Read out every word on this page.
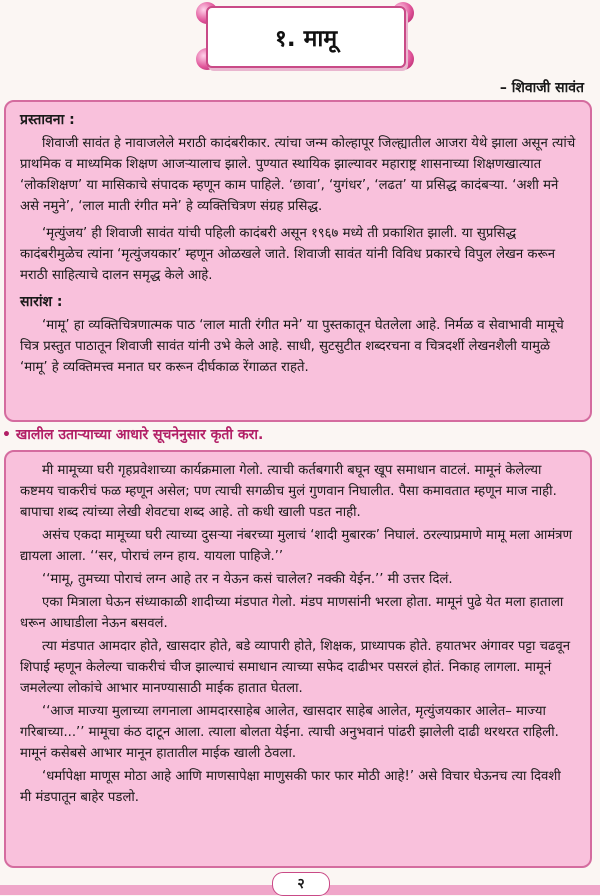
१. मामू
– शिवाजी सावंत
प्रस्तावना :

शिवाजी सावंत हे नावाजलेले मराठी कादंबरीकार. त्यांचा जन्म कोल्हापूर जिल्ह्यातील आजरा येथे झाला असून त्यांचे प्राथमिक व माध्यमिक शिक्षण आजऱ्यालाच झाले. पुण्यात स्थायिक झाल्यावर महाराष्ट्र शासनाच्या शिक्षणखात्यात ‘लोकशिक्षण’ या मासिकाचे संपादक म्हणून काम पाहिले. ‘छावा’, ‘युगंधर’, ‘लढत’ या प्रसिद्ध कादंबऱ्या. ‘अशी मने असे नमुने’, ‘लाल माती रंगीत मने’ हे व्यक्तिचित्रण संग्रह प्रसिद्ध.

‘मृत्युंजय’ ही शिवाजी सावंत यांची पहिली कादंबरी असून १९६७ मध्ये ती प्रकाशित झाली. या सुप्रसिद्ध कादंबरीमुळेच त्यांना ‘मृत्युंजयकार’ म्हणून ओळखले जाते. शिवाजी सावंत यांनी विविध प्रकारचे विपुल लेखन करून मराठी साहित्याचे दालन समृद्ध केले आहे.

सारांश :

‘मामू’ हा व्यक्तिचित्रणात्मक पाठ ‘लाल माती रंगीत मने’ या पुस्तकातून घेतलेला आहे. निर्मळ व सेवाभावी मामूचे चित्र प्रस्तुत पाठातून शिवाजी सावंत यांनी उभे केले आहे. साधी, सुटसुटीत शब्दरचना व चित्रदर्शी लेखनशैली यामुळे ‘मामू’ हे व्यक्तिमत्त्व मनात घर करून दीर्घकाळ रेंगाळत राहते.

• खालील उताऱ्याच्या आधारे सूचनेनुसार कृती करा.

मी मामूच्या घरी गृहप्रवेशाच्या कार्यक्रमाला गेलो. त्याची कर्तबगारी बघून खूप समाधान वाटलं. मामूनं केलेल्या कष्टमय चाकरीचं फळ म्हणून असेल; पण त्याची सगळीच मुलं गुणवान निघालीत. पैसा कमावतात म्हणून माज नाही. बापाचा शब्द त्यांच्या लेखी शेवटचा शब्द आहे. तो कधी खाली पडत नाही.

असंच एकदा मामूच्या घरी त्याच्या दुसऱ्या नंबरच्या मुलाचं ‘शादी मुबारक’ निघालं. ठरल्याप्रमाणे मामू मला आमंत्रण द्यायला आला. ‘‘सर, पोराचं लग्न हाय. यायला पाहिजे.’’

‘‘मामू, तुमच्या पोराचं लग्न आहे तर न येऊन कसं चालेल? नक्की येईन.’’ मी उत्तर दिलं.

एका मित्राला घेऊन संध्याकाळी शादीच्या मंडपात गेलो. मंडप माणसांनी भरला होता. मामूनं पुढे येत मला हाताला धरून आघाडीला नेऊन बसवलं.

त्या मंडपात आमदार होते, खासदार होते, बडे व्यापारी होते, शिक्षक, प्राध्यापक होते. हयातभर अंगावर पट्टा चढवून शिपाई म्हणून केलेल्या चाकरीचं चीज झाल्याचं समाधान त्याच्या सफेद दाढीभर पसरलं होतं. निकाह लागला. मामूनं जमलेल्या लोकांचे आभार मानण्यासाठी माईक हातात घेतला.

‘‘आज माज्या मुलाच्या लगनाला आमदारसाहेब आलेत, खासदार साहेब आलेत, मृत्युंजयकार आलेत– माज्या गरिबाच्या...’’ मामूचा कंठ दाटून आला. त्याला बोलता येईना. त्याची अनुभवानं पांढरी झालेली दाढी थरथरत राहिली. मामूनं कसेबसे आभार मानून हातातील माईक खाली ठेवला.

‘धर्मापेक्षा माणूस मोठा आहे आणि माणसापेक्षा माणुसकी फार फार मोठी आहे!’ असे विचार घेऊनच त्या दिवशी मी मंडपातून बाहेर पडलो.

२
